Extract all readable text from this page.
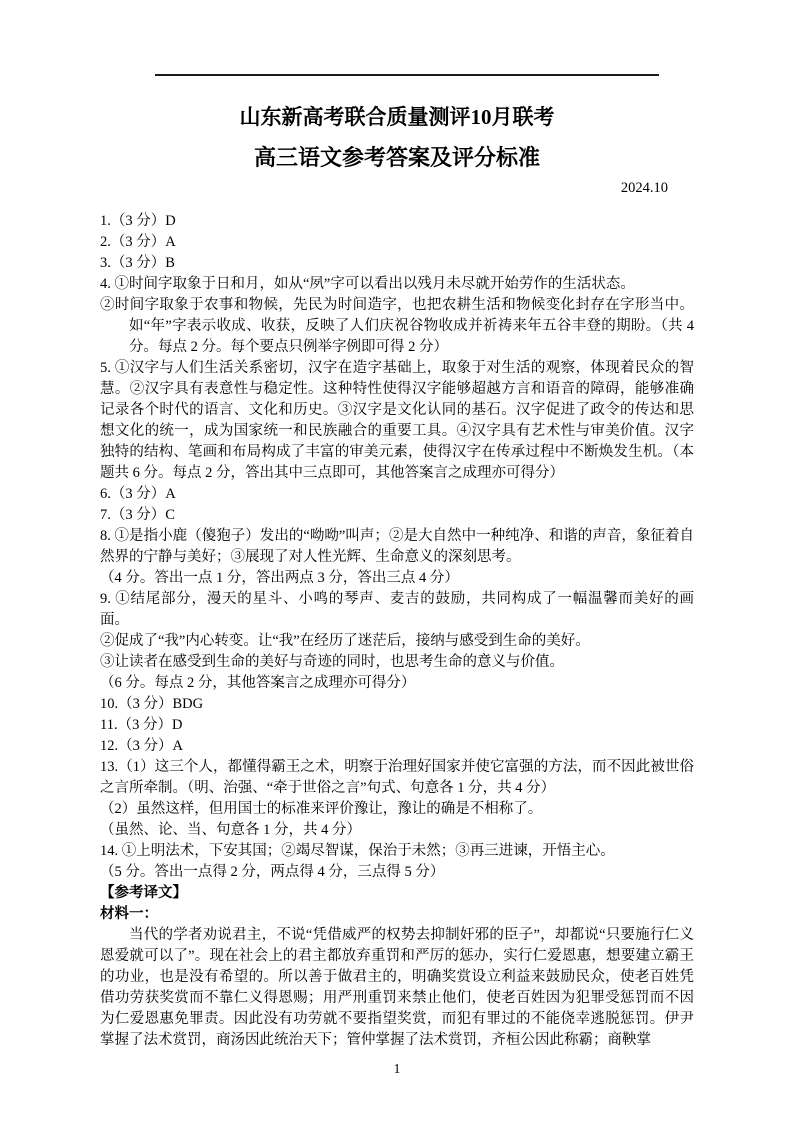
山东新高考联合质量测评10月联考
高三语文参考答案及评分标准
2024.10

1.（3 分）D

2.（3 分）A

3.（3 分）B

4. ①时间字取象于日和月，如从“夙”字可以看出以残月未尽就开始劳作的生活状态。

②时间字取象于农事和物候，先民为时间造字，也把农耕生活和物候变化封存在字形当中。如“年”字表示收成、收获，反映了人们庆祝谷物收成并祈祷来年五谷丰登的期盼。（共 4 分。每点 2 分。每个要点只例举字例即可得 2 分）

5. ①汉字与人们生活关系密切，汉字在造字基础上，取象于对生活的观察，体现着民众的智慧。②汉字具有表意性与稳定性。这种特性使得汉字能够超越方言和语音的障碍，能够准确记录各个时代的语言、文化和历史。③汉字是文化认同的基石。汉字促进了政令的传达和思想文化的统一，成为国家统一和民族融合的重要工具。④汉字具有艺术性与审美价值。汉字独特的结构、笔画和布局构成了丰富的审美元素，使得汉字在传承过程中不断焕发生机。（本题共 6 分。每点 2 分，答出其中三点即可，其他答案言之成理亦可得分）

6.（3 分）A

7.（3 分）C

8. ①是指小鹿（傻狍子）发出的“呦呦”叫声；②是大自然中一种纯净、和谐的声音，象征着自然界的宁静与美好；③展现了对人性光辉、生命意义的深刻思考。

（4 分。答出一点 1 分，答出两点 3 分，答出三点 4 分）

9. ①结尾部分，漫天的星斗、小鸣的琴声、麦吉的鼓励，共同构成了一幅温馨而美好的画面。

②促成了“我”内心转变。让“我”在经历了迷茫后，接纳与感受到生命的美好。

③让读者在感受到生命的美好与奇迹的同时，也思考生命的意义与价值。

（6 分。每点 2 分，其他答案言之成理亦可得分）

10.（3 分）BDG

11.（3 分）D

12.（3 分）A

13.（1）这三个人，都懂得霸王之术，明察于治理好国家并使它富强的方法，而不因此被世俗之言所牵制。（明、治强、“牵于世俗之言”句式、句意各 1 分，共 4 分）

（2）虽然这样，但用国士的标准来评价豫让，豫让的确是不相称了。

（虽然、论、当、句意各 1 分，共 4 分）

14. ①上明法术，下安其国；②竭尽智谋，保治于未然；③再三进谏，开悟主心。

（5 分。答出一点得 2 分，两点得 4 分，三点得 5 分）

【参考译文】

材料一：

当代的学者劝说君主，不说“凭借威严的权势去抑制奸邪的臣子”，却都说“只要施行仁义恩爱就可以了”。现在社会上的君主都放弃重罚和严厉的惩办，实行仁爱恩惠，想要建立霸王的功业，也是没有希望的。所以善于做君主的，明确奖赏设立利益来鼓励民众，使老百姓凭借功劳获奖赏而不靠仁义得恩赐；用严刑重罚来禁止他们，使老百姓因为犯罪受惩罚而不因为仁爱恩惠免罪责。因此没有功劳就不要指望奖赏，而犯有罪过的不能侥幸逃脱惩罚。伊尹掌握了法术赏罚，商汤因此统治天下；管仲掌握了法术赏罚，齐桓公因此称霸；商鞅掌

1
